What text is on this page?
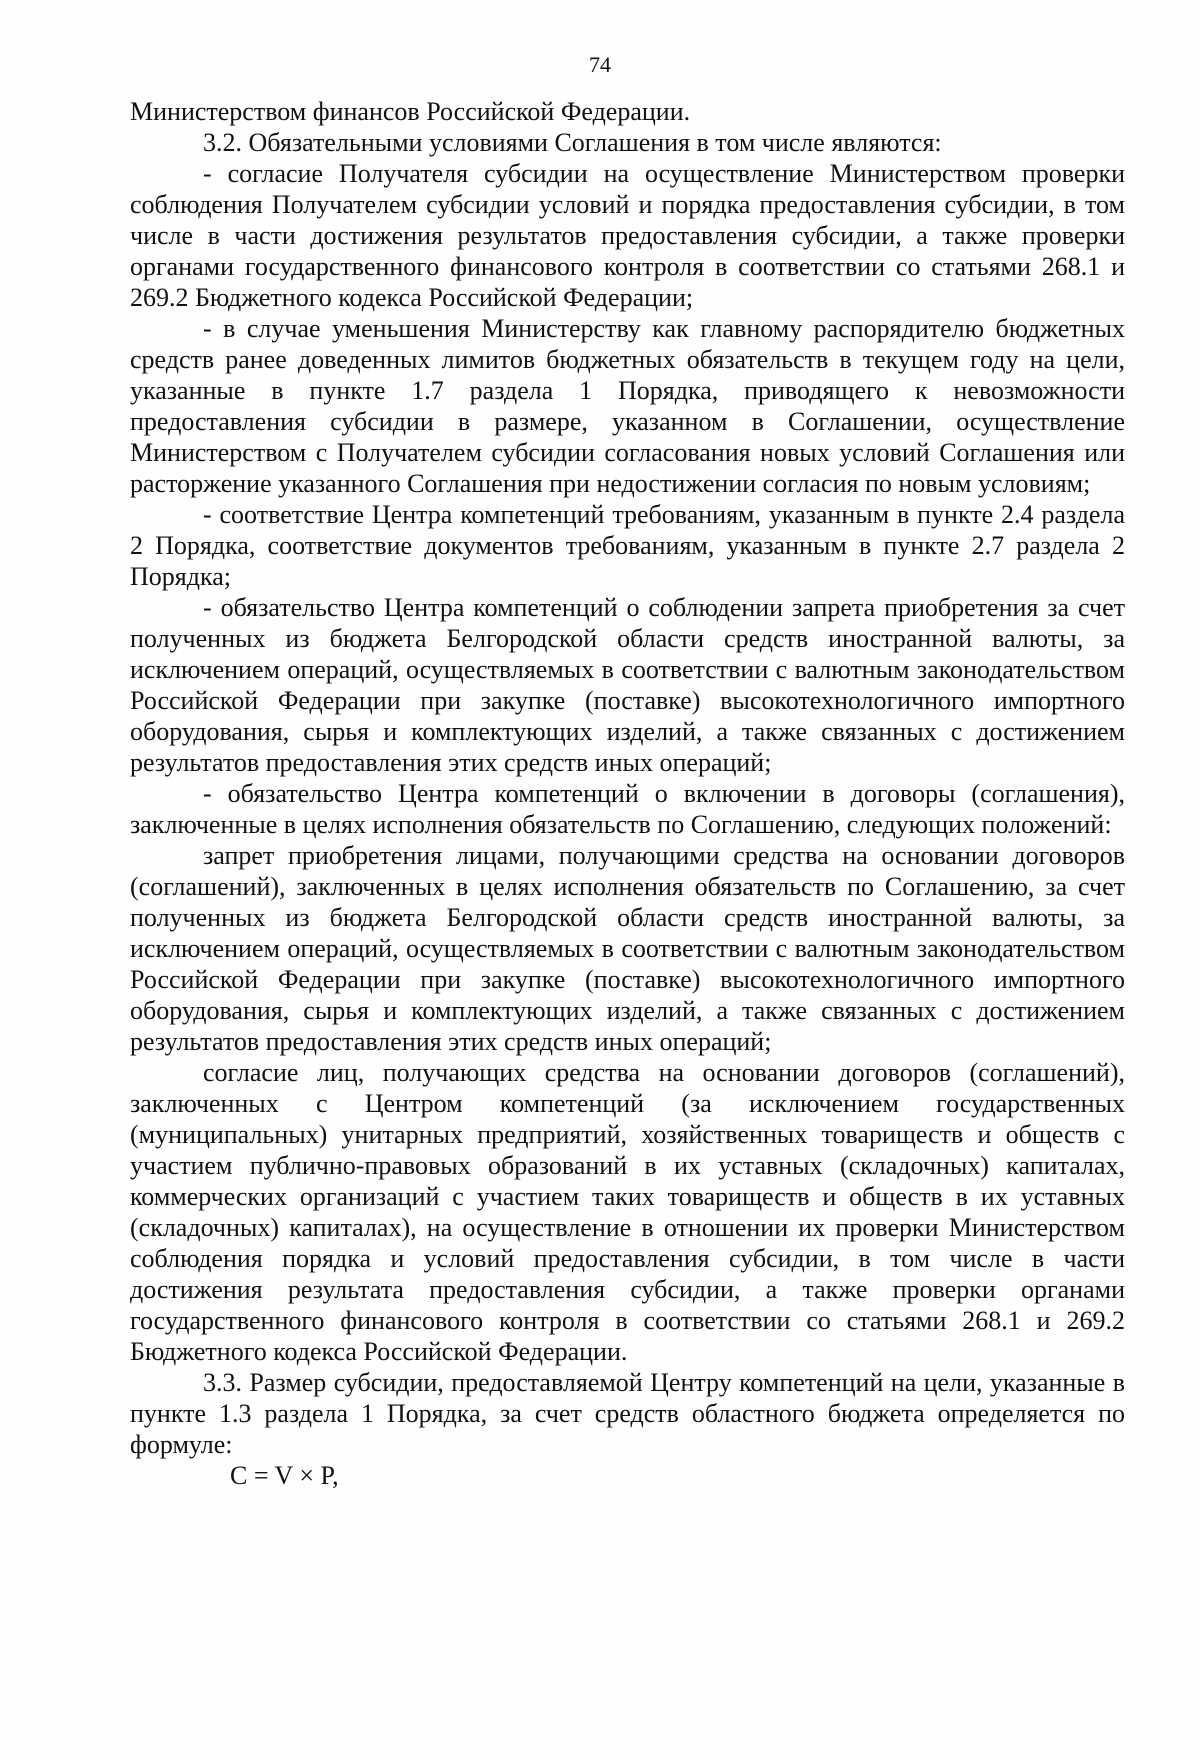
74

Министерством финансов Российской Федерации.

3.2. Обязательными условиями Соглашения в том числе являются:

- согласие Получателя субсидии на осуществление Министерством проверки соблюдения Получателем субсидии условий и порядка предоставления субсидии, в том числе в части достижения результатов предоставления субсидии, а также проверки органами государственного финансового контроля в соответствии со статьями 268.1 и 269.2 Бюджетного кодекса Российской Федерации;

- в случае уменьшения Министерству как главному распорядителю бюджетных средств ранее доведенных лимитов бюджетных обязательств в текущем году на цели, указанные в пункте 1.7 раздела 1 Порядка, приводящего к невозможности предоставления субсидии в размере, указанном в Соглашении, осуществление Министерством с Получателем субсидии согласования новых условий Соглашения или расторжение указанного Соглашения при недостижении согласия по новым условиям;

- соответствие Центра компетенций требованиям, указанным в пункте 2.4 раздела 2 Порядка, соответствие документов требованиям, указанным в пункте 2.7 раздела 2 Порядка;

- обязательство Центра компетенций о соблюдении запрета приобретения за счет полученных из бюджета Белгородской области средств иностранной валюты, за исключением операций, осуществляемых в соответствии с валютным законодательством Российской Федерации при закупке (поставке) высокотехнологичного импортного оборудования, сырья и комплектующих изделий, а также связанных с достижением результатов предоставления этих средств иных операций;

- обязательство Центра компетенций о включении в договоры (соглашения), заключенные в целях исполнения обязательств по Соглашению, следующих положений:

запрет приобретения лицами, получающими средства на основании договоров (соглашений), заключенных в целях исполнения обязательств по Соглашению, за счет полученных из бюджета Белгородской области средств иностранной валюты, за исключением операций, осуществляемых в соответствии с валютным законодательством Российской Федерации при закупке (поставке) высокотехнологичного импортного оборудования, сырья и комплектующих изделий, а также связанных с достижением результатов предоставления этих средств иных операций;

согласие лиц, получающих средства на основании договоров (соглашений), заключенных с Центром компетенций (за исключением государственных (муниципальных) унитарных предприятий, хозяйственных товариществ и обществ с участием публично-правовых образований в их уставных (складочных) капиталах, коммерческих организаций с участием таких товариществ и обществ в их уставных (складочных) капиталах), на осуществление в отношении их проверки Министерством соблюдения порядка и условий предоставления субсидии, в том числе в части достижения результата предоставления субсидии, а также проверки органами государственного финансового контроля в соответствии со статьями 268.1 и 269.2 Бюджетного кодекса Российской Федерации.

3.3. Размер субсидии, предоставляемой Центру компетенций на цели, указанные в пункте 1.3 раздела 1 Порядка, за счет средств областного бюджета определяется по формуле:

C = V × P,
